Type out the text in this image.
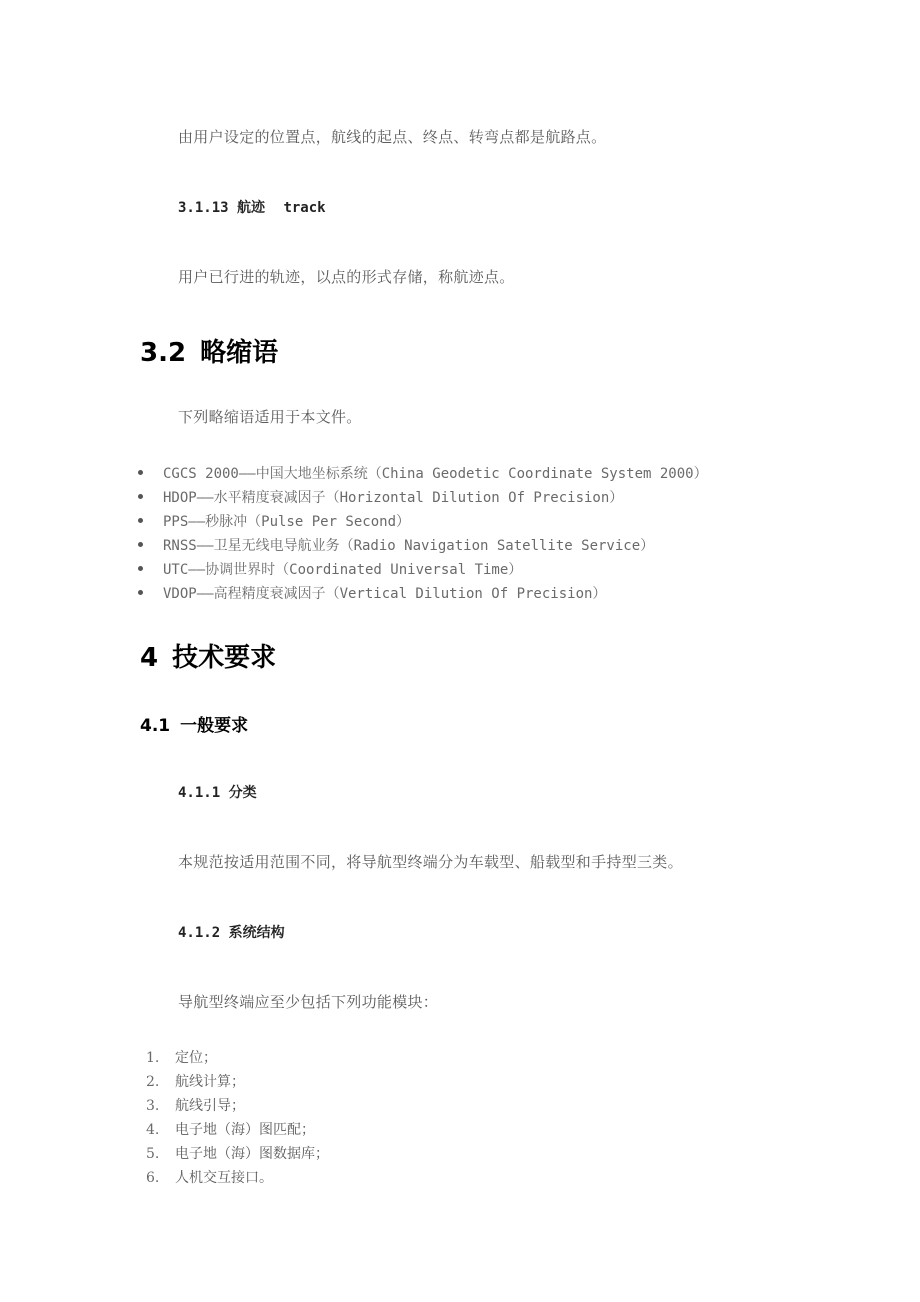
由用户设定的位置点，航线的起点、终点、转弯点都是航路点。
3.1.13 航迹 track
用户已行进的轨迹，以点的形式存储，称航迹点。
3.2 略缩语
下列略缩语适用于本文件。
CGCS 2000——中国大地坐标系统（China Geodetic Coordinate System 2000）
HDOP——水平精度衰减因子（Horizontal Dilution Of Precision）
PPS——秒脉冲（Pulse Per Second）
RNSS——卫星无线电导航业务（Radio Navigation Satellite Service）
UTC——协调世界时（Coordinated Universal Time）
VDOP——高程精度衰减因子（Vertical Dilution Of Precision）
4 技术要求
4.1 一般要求
4.1.1 分类
本规范按适用范围不同，将导航型终端分为车载型、船载型和手持型三类。
4.1.2 系统结构
导航型终端应至少包括下列功能模块：
1. 定位；
2. 航线计算；
3. 航线引导；
4. 电子地（海）图匹配；
5. 电子地（海）图数据库；
6. 人机交互接口。
